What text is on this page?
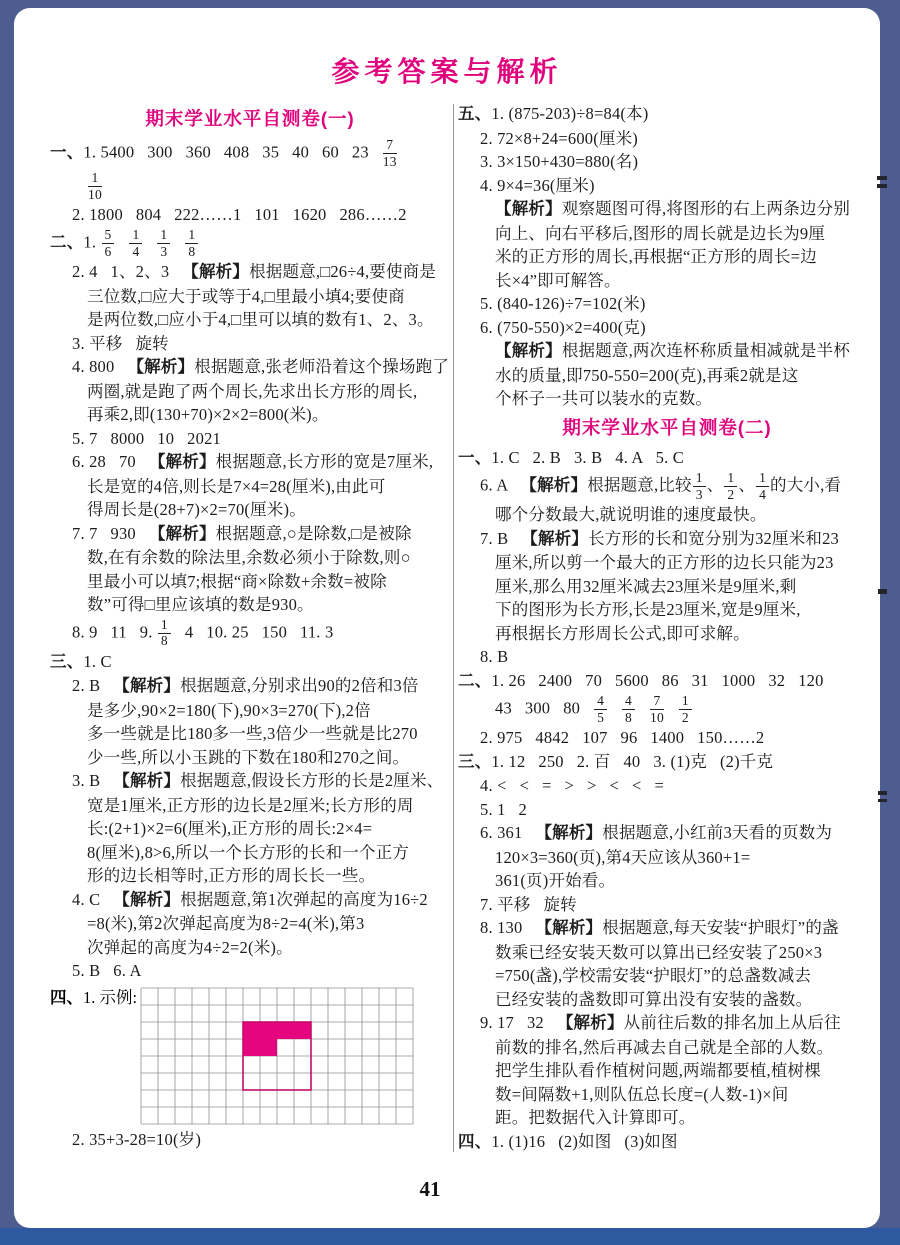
参考答案与解析
期末学业水平自测卷(一)
一、1. 5400   300   360   408   35   40   60   $23 \frac{7}{13}$
$\frac{1}{10}$
2. 1800   804   222……1   101   1620   286……2
二、1. $\frac{5}{6}$
$\frac{1}{4}$
$\frac{1}{3}$
$\frac{1}{8}$
2. 4   1、2、3   【解析】根据题意,□26÷4,要使商是
三位数,□应大于或等于4,□里最小填4;要使商
是两位数,□应小于4,□里可以填的数有1、2、3。
3. 平移   旋转
4. 800   【解析】根据题意,张老师沿着这个操场跑了
两圈,就是跑了两个周长,先求出长方形的周长,
再乘2,即(130+70)×2×2=800(米)。
5. 7   8000   10   2021
6. 28   70   【解析】根据题意,长方形的宽是7厘米,
长是宽的4倍,则长是7×4=28(厘米),由此可
得周长是(28+7)×2=70(厘米)。
7. 7   930   【解析】根据题意,○是除数,□是被除
数,在有余数的除法里,余数必须小于除数,则○
里最小可以填7;根据“商×除数+余数=被除
数”可得□里应该填的数是930。
8. 9   11   9. $\frac{1}{8} 4$   10. 25   150   11. 3
三、1. C
2. B   【解析】根据题意,分别求出90的2倍和3倍
是多少,90×2=180(下),90×3=270(下),2倍
多一些就是比180多一些,3倍少一些就是比270
少一些,所以小玉跳的下数在180和270之间。
3. B   【解析】根据题意,假设长方形的长是2厘米、
宽是1厘米,正方形的边长是2厘米;长方形的周
长:(2+1)×2=6(厘米),正方形的周长:2×4=
8(厘米),8>6,所以一个长方形的长和一个正方
形的边长相等时,正方形的周长长一些。
4. C   【解析】根据题意,第1次弹起的高度为16÷2
=8(米),第2次弹起高度为8÷2=4(米),第3
次弹起的高度为4÷2=2(米)。
5. B   6. A
四、1. 示例:
2. 35+3-28=10(岁)
五、1. (875-203)÷8=84(本)
2. 72×8+24=600(厘米)
3. 3×150+430=880(名)
4. 9×4=36(厘米)
【解析】观察题图可得,将图形的右上两条边分别
向上、向右平移后,图形的周长就是边长为9厘
米的正方形的周长,再根据“正方形的周长=边
长×4”即可解答。
5. (840-126)÷7=102(米)
6. (750-550)×2=400(克)
【解析】根据题意,两次连杯称质量相减就是半杯
水的质量,即750-550=200(克),再乘2就是这
个杯子一共可以装水的克数。
期末学业水平自测卷(二)
一、1. C   2. B   3. B   4. A   5. C
6. A   【解析】根据题意,比较 $\frac{1}{3}$ 、 $\frac{1}{2}$ 、 $\frac{1}{4}$ 的大小,看
哪个分数最大,就说明谁的速度最快。
7. B   【解析】长方形的长和宽分别为32厘米和23
厘米,所以剪一个最大的正方形的边长只能为23
厘米,那么用32厘米减去23厘米是9厘米,剩
下的图形为长方形,长是23厘米,宽是9厘米,
再根据长方形周长公式,即可求解。
8. B
二、1. 26   2400   70   5600   86   31   1000   32   120
43   300   $80 \frac{4}{5}$
$\frac{4}{8}$
$\frac{7}{10}$
$\frac{1}{2}$
2. 975   4842   107   96   1400   150……2
三、1. 12   250   2. 百   40   3. (1)克   (2)千克
4. <   <   =   >   >   <   <   =
5. 1   2
6. 361   【解析】根据题意,小红前3天看的页数为
120×3=360(页),第4天应该从360+1=
361(页)开始看。
7. 平移   旋转
8. 130   【解析】根据题意,每天安装“护眼灯”的盏
数乘已经安装天数可以算出已经安装了250×3
=750(盏),学校需安装“护眼灯”的总盏数减去
已经安装的盏数即可算出没有安装的盏数。
9. 17   32   【解析】从前往后数的排名加上从后往
前数的排名,然后再减去自己就是全部的人数。
把学生排队看作植树问题,两端都要植,植树棵
数=间隔数+1,则队伍总长度=(人数-1)×间
距。把数据代入计算即可。
四、1. (1)16   (2)如图   (3)如图
41
